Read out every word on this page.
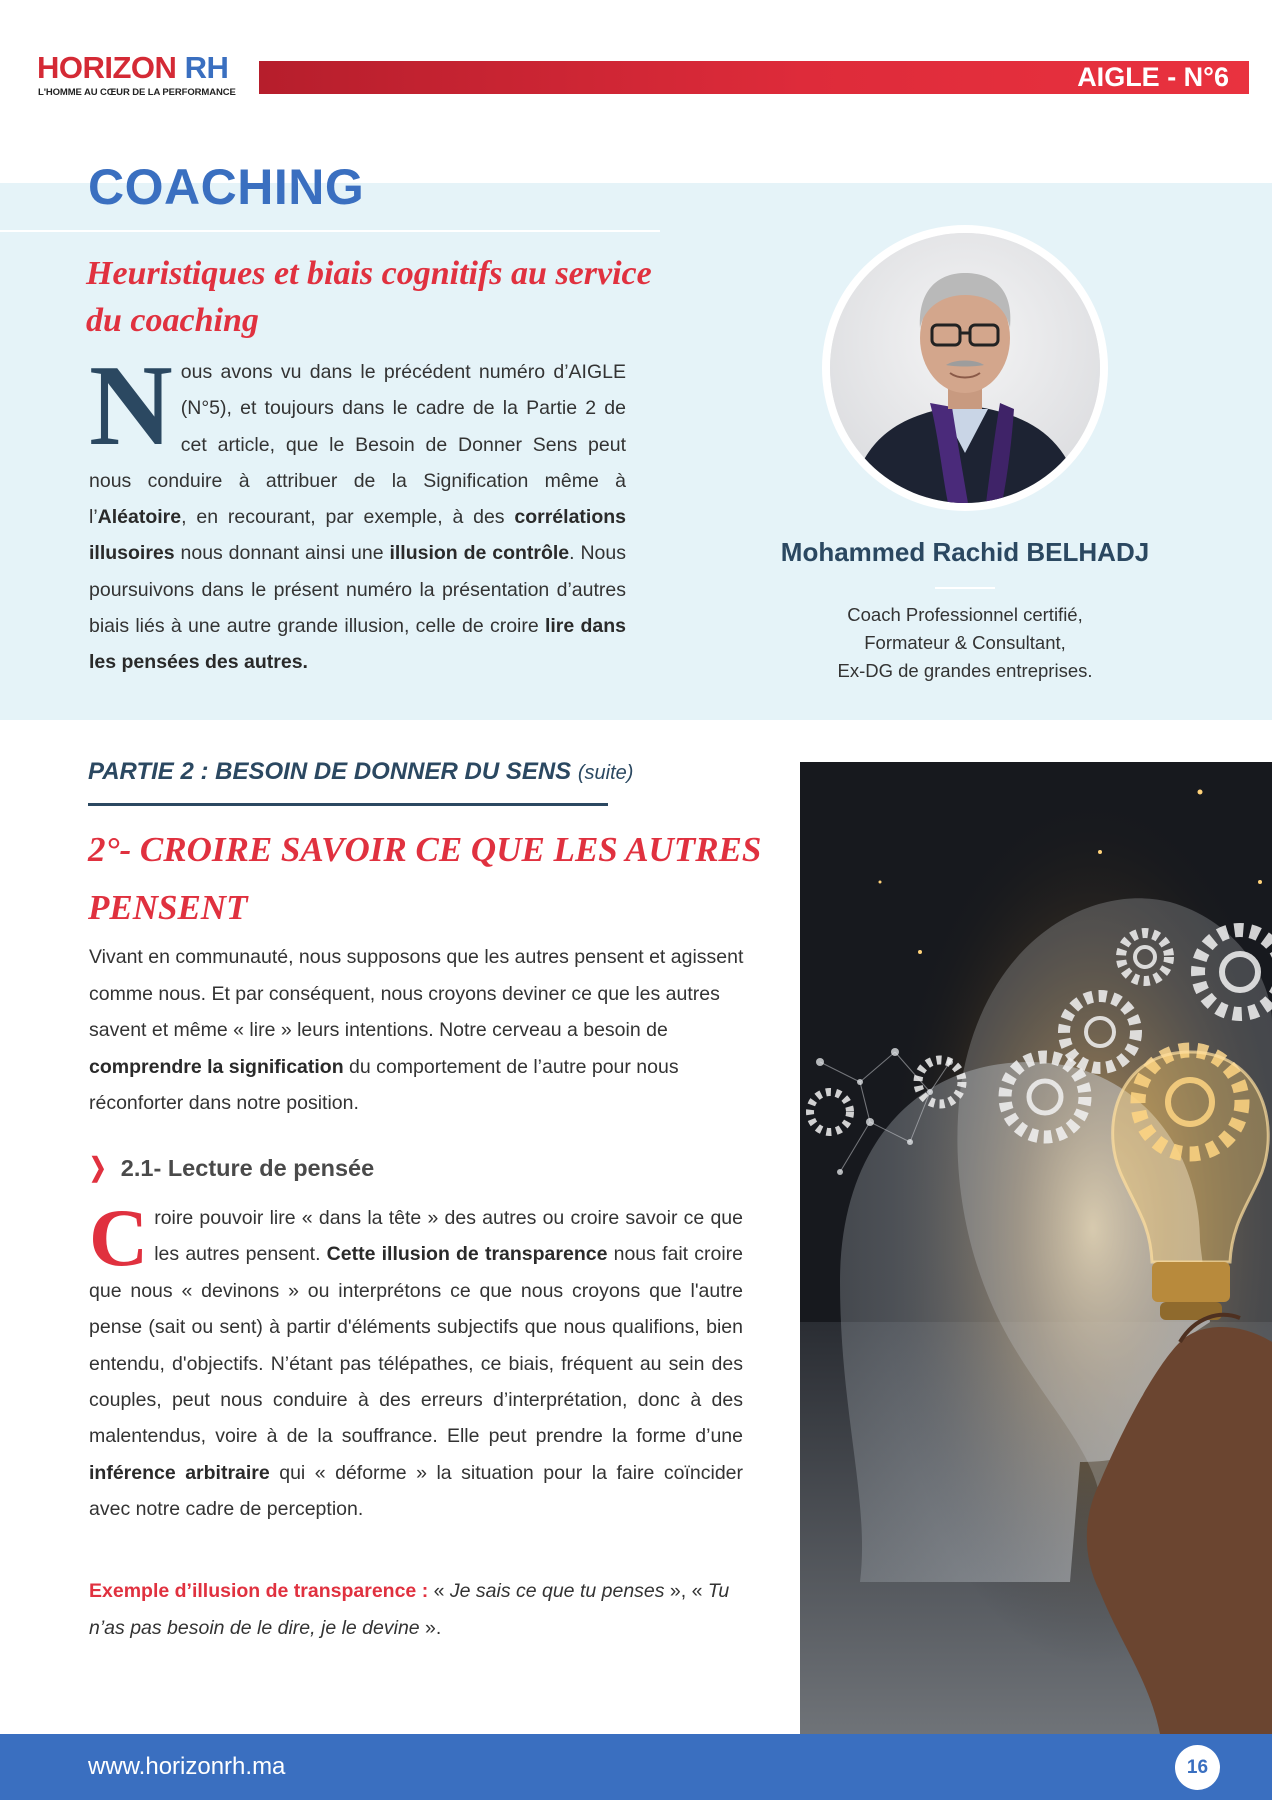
HORIZON RH
L'HOMME AU CŒUR DE LA PERFORMANCE
AIGLE - N°6
COACHING
Heuristiques et biais cognitifs au service
du coaching
Nous avons vu dans le précédent numéro d’AIGLE (N°5), et toujours dans le cadre de la Partie 2 de cet article, que le Besoin de Donner Sens peut nous conduire à attribuer de la Signification même à l’Aléatoire, en recourant, par exemple, à des corrélations illusoires nous donnant ainsi une illusion de contrôle. Nous poursuivons dans le présent numéro la présentation d’autres biais liés à une autre grande illusion, celle de croire lire dans les pensées des autres.
Mohammed Rachid BELHADJ
Coach Professionnel certifié,
Formateur & Consultant,
Ex-DG de grandes entreprises.
PARTIE 2 : BESOIN DE DONNER DU SENS (suite)
2°- CROIRE SAVOIR CE QUE LES AUTRES
PENSENT
Vivant en communauté, nous supposons que les autres pensent et agissent comme nous. Et par conséquent, nous croyons deviner ce que les autres savent et même « lire » leurs intentions. Notre cerveau a besoin de comprendre la signification du comportement de l’autre pour nous réconforter dans notre position.
❯ 2.1- Lecture de pensée
Croire pouvoir lire « dans la tête » des autres ou croire savoir ce que les autres pensent. Cette illusion de transparence nous fait croire que nous « devinons » ou interprétons ce que nous croyons que l'autre pense (sait ou sent) à partir d'éléments subjectifs que nous qualifions, bien entendu, d'objectifs. N’étant pas télépathes, ce biais, fréquent au sein des couples, peut nous conduire à des erreurs d’interprétation, donc à des malentendus, voire à de la souffrance. Elle peut prendre la forme d’une inférence arbitraire qui « déforme » la situation pour la faire coïncider avec notre cadre de perception.
Exemple d’illusion de transparence : « Je sais ce que tu penses », « Tu n’as pas besoin de le dire, je le devine ».
www.horizonrh.ma	16
